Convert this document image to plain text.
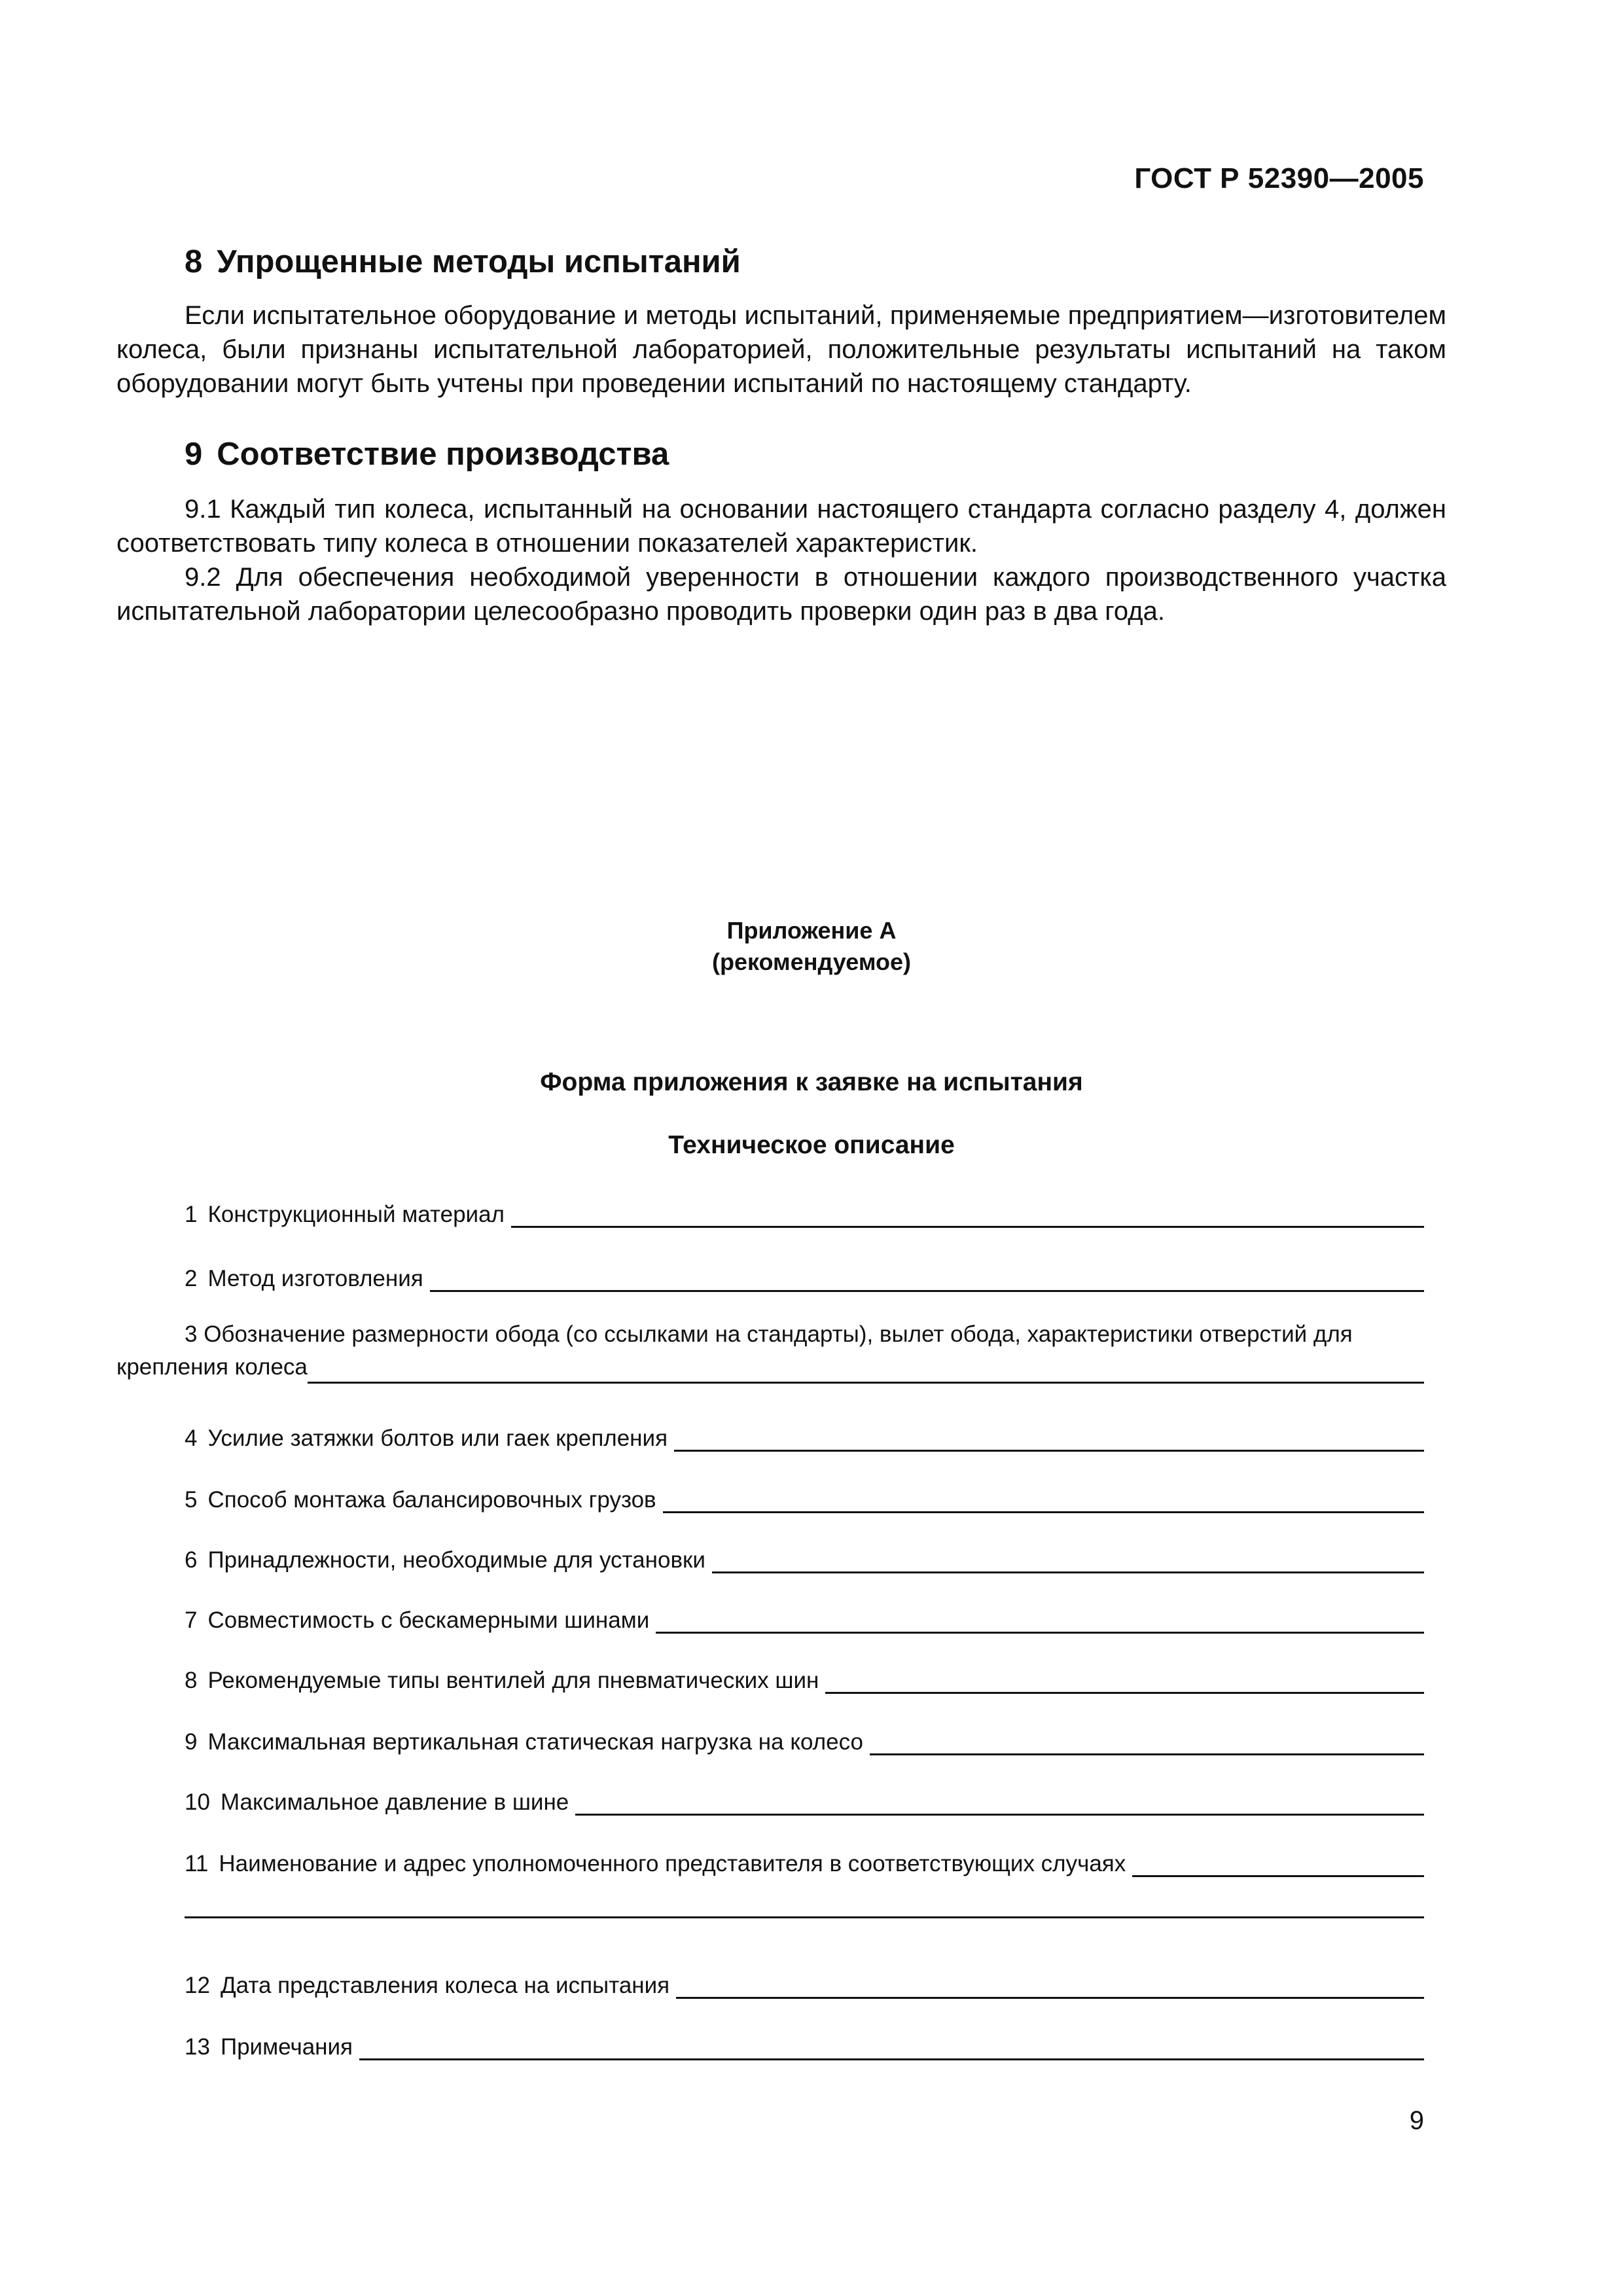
ГОСТ Р 52390—2005
8 Упрощенные методы испытаний

Если испытательное оборудование и методы испытаний, применяемые предприятием—изготовителем колеса, были признаны испытательной лабораторией, положительные результаты испытаний на таком оборудовании могут быть учтены при проведении испытаний по настоящему стандарту.

9 Соответствие производства

9.1 Каждый тип колеса, испытанный на основании настоящего стандарта согласно разделу 4, должен соответствовать типу колеса в отношении показателей характеристик.

9.2 Для обеспечения необходимой уверенности в отношении каждого производственного участка испытательной лаборатории целесообразно проводить проверки один раз в два года.

Приложение А
(рекомендуемое)
Форма приложения к заявке на испытания
Техническое описание
1 Конструкционный материал
2 Метод изготовления
3 Обозначение размерности обода (со ссылками на стандарты), вылет обода, характеристики отверстий для
крепления колеса
4 Усилие затяжки болтов или гаек крепления
5 Способ монтажа балансировочных грузов
6 Принадлежности, необходимые для установки
7 Совместимость с бескамерными шинами
8 Рекомендуемые типы вентилей для пневматических шин
9 Максимальная вертикальная статическая нагрузка на колесо
10 Максимальное давление в шине
11 Наименование и адрес уполномоченного представителя в соответствующих случаях
12 Дата представления колеса на испытания
13 Примечания
9
